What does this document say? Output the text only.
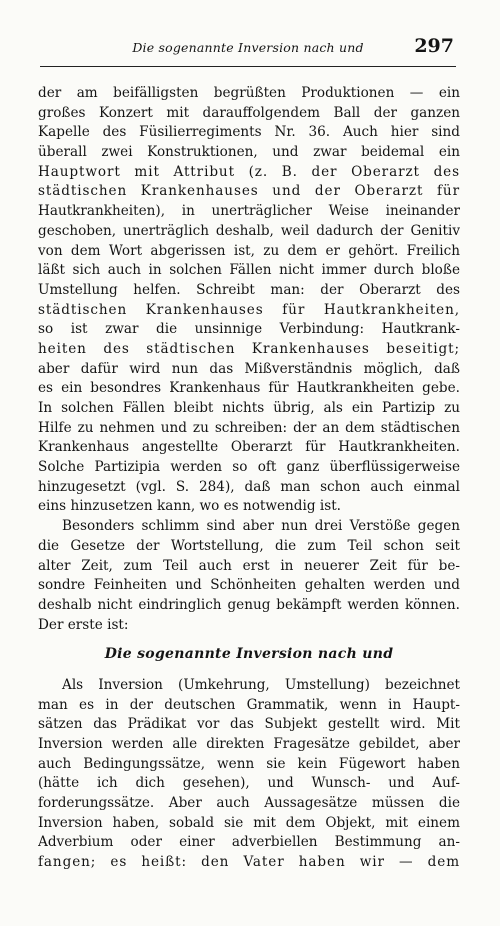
Die sogenannte Inversion nach und	297
der am beifälligsten begrüßten Produktionen — ein
großes Konzert mit darauffolgendem Ball der ganzen
Kapelle des Füsilierregiments Nr. 36. Auch hier sind
überall zwei Konstruktionen, und zwar beidemal ein
Hauptwort mit Attribut (z. B. der Oberarzt des
städtischen Krankenhauses und der Oberarzt für
Hautkrankheiten), in unerträglicher Weise ineinander
geschoben, unerträglich deshalb, weil dadurch der Genitiv
von dem Wort abgerissen ist, zu dem er gehört. Freilich
läßt sich auch in solchen Fällen nicht immer durch bloße
Umstellung helfen. Schreibt man: der Oberarzt des
städtischen Krankenhauses für Hautkrankheiten,
so ist zwar die unsinnige Verbindung: Hautkrank-
heiten des städtischen Krankenhauses beseitigt;
aber dafür wird nun das Mißverständnis möglich, daß
es ein besondres Krankenhaus für Hautkrankheiten gebe.
In solchen Fällen bleibt nichts übrig, als ein Partizip zu
Hilfe zu nehmen und zu schreiben: der an dem städtischen
Krankenhaus angestellte Oberarzt für Hautkrankheiten.
Solche Partizipia werden so oft ganz überflüssigerweise
hinzugesetzt (vgl. S. 284), daß man schon auch einmal
eins hinzusetzen kann, wo es notwendig ist.
Besonders schlimm sind aber nun drei Verstöße gegen
die Gesetze der Wortstellung, die zum Teil schon seit
alter Zeit, zum Teil auch erst in neuerer Zeit für be-
sondre Feinheiten und Schönheiten gehalten werden und
deshalb nicht eindringlich genug bekämpft werden können.
Der erste ist:
Die sogenannte Inversion nach und
Als Inversion (Umkehrung, Umstellung) bezeichnet
man es in der deutschen Grammatik, wenn in Haupt-
sätzen das Prädikat vor das Subjekt gestellt wird. Mit
Inversion werden alle direkten Fragesätze gebildet, aber
auch Bedingungssätze, wenn sie kein Fügewort haben
(hätte ich dich gesehen), und Wunsch- und Auf-
forderungssätze. Aber auch Aussagesätze müssen die
Inversion haben, sobald sie mit dem Objekt, mit einem
Adverbium oder einer adverbiellen Bestimmung an-
fangen; es heißt: den Vater haben wir — dem
